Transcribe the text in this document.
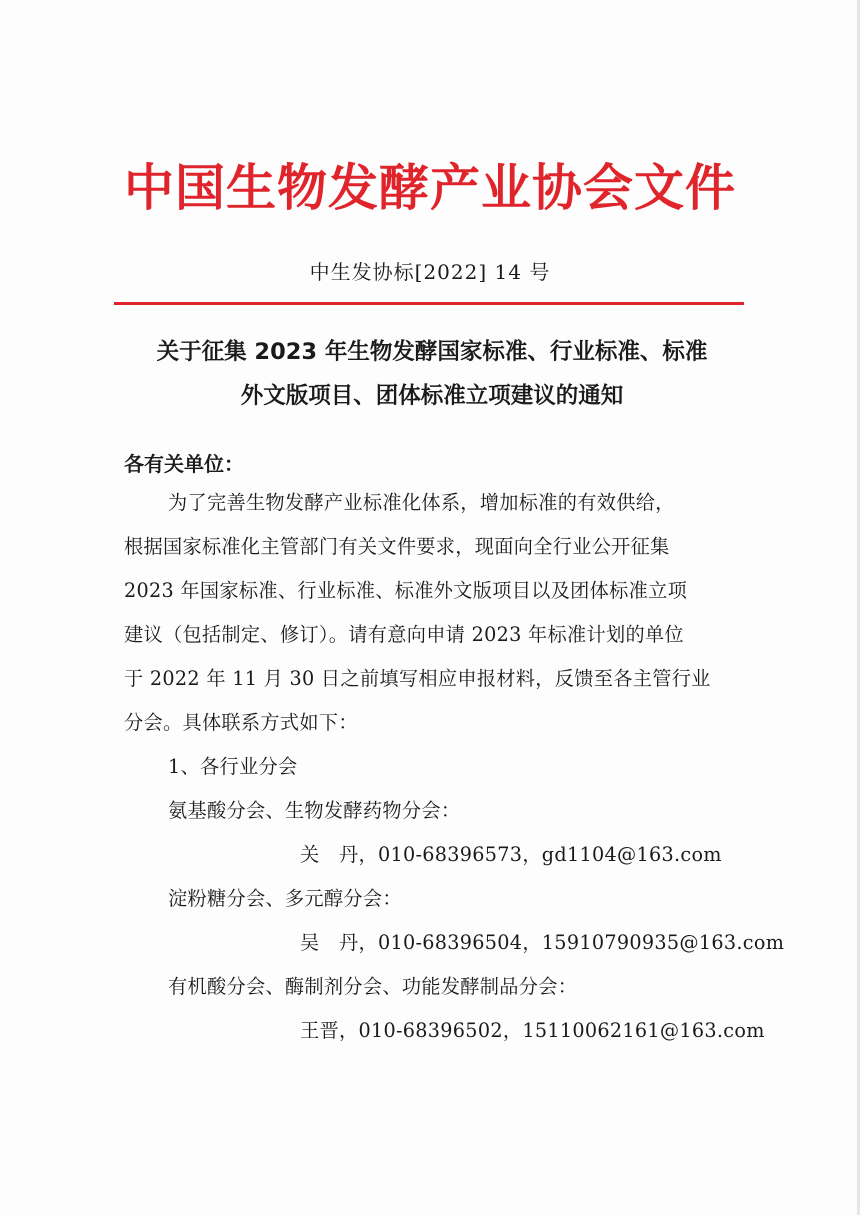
中国生物发酵产业协会文件
中生发协标[2022] 14 号
关于征集 2023 年生物发酵国家标准、行业标准、标准
外文版项目、团体标准立项建议的通知
各有关单位：
为了完善生物发酵产业标准化体系，增加标准的有效供给，
根据国家标准化主管部门有关文件要求，现面向全行业公开征集
2023 年国家标准、行业标准、标准外文版项目以及团体标准立项
建议（包括制定、修订）。请有意向申请 2023 年标准计划的单位
于 2022 年 11 月 30 日之前填写相应申报材料，反馈至各主管行业
分会。具体联系方式如下：
1、各行业分会
氨基酸分会、生物发酵药物分会：
关　丹，010-68396573，gd1104@163.com
淀粉糖分会、多元醇分会：
吴　丹，010-68396504，15910790935@163.com
有机酸分会、酶制剂分会、功能发酵制品分会：
王晋，010-68396502，15110062161@163.com
